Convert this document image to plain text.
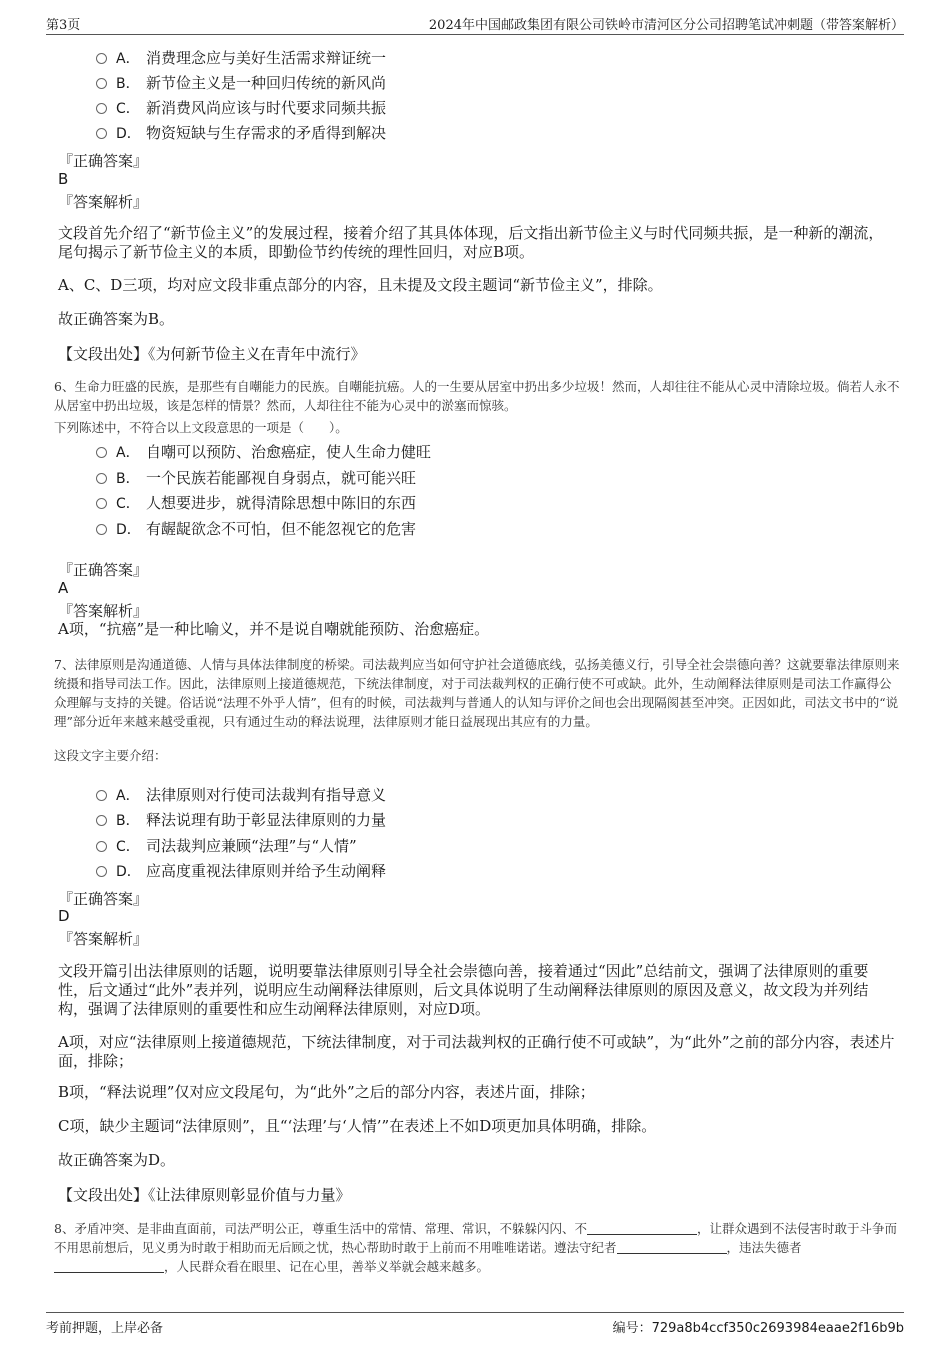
第3页	2024年中国邮政集团有限公司铁岭市清河区分公司招聘笔试冲刺题（带答案解析）
A． 消费理念应与美好生活需求辩证统一
B． 新节俭主义是一种回归传统的新风尚
C． 新消费风尚应该与时代要求同频共振
D． 物资短缺与生存需求的矛盾得到解决
『正确答案』
B
『答案解析』
文段首先介绍了“新节俭主义”的发展过程，接着介绍了其具体体现，后文指出新节俭主义与时代同频共振，是一种新的潮流，尾句揭示了新节俭主义的本质，即勤俭节约传统的理性回归，对应B项。
A、C、D三项，均对应文段非重点部分的内容，且未提及文段主题词“新节俭主义”，排除。
故正确答案为B。
【文段出处】《为何新节俭主义在青年中流行》
6、生命力旺盛的民族，是那些有自嘲能力的民族。自嘲能抗癌。人的一生要从居室中扔出多少垃圾！然而，人却往往不能从心灵中清除垃圾。倘若人永不从居室中扔出垃圾，该是怎样的情景？然而，人却往往不能为心灵中的淤塞而惊骇。
下列陈述中，不符合以上文段意思的一项是（　　）。
A． 自嘲可以预防、治愈癌症，使人生命力健旺
B． 一个民族若能鄙视自身弱点，就可能兴旺
C． 人想要进步，就得清除思想中陈旧的东西
D． 有龌龊欲念不可怕，但不能忽视它的危害
『正确答案』
A
『答案解析』
A项，“抗癌”是一种比喻义，并不是说自嘲就能预防、治愈癌症。
7、法律原则是沟通道德、人情与具体法律制度的桥梁。司法裁判应当如何守护社会道德底线，弘扬美德义行，引导全社会崇德向善？这就要靠法律原则来统摄和指导司法工作。因此，法律原则上接道德规范，下统法律制度，对于司法裁判权的正确行使不可或缺。此外，生动阐释法律原则是司法工作赢得公众理解与支持的关键。俗话说“法理不外乎人情”，但有的时候，司法裁判与普通人的认知与评价之间也会出现隔阂甚至冲突。正因如此，司法文书中的“说理”部分近年来越来越受重视，只有通过生动的释法说理，法律原则才能日益展现出其应有的力量。
这段文字主要介绍：
A． 法律原则对行使司法裁判有指导意义
B． 释法说理有助于彰显法律原则的力量
C． 司法裁判应兼顾“法理”与“人情”
D． 应高度重视法律原则并给予生动阐释
『正确答案』
D
『答案解析』
文段开篇引出法律原则的话题，说明要靠法律原则引导全社会崇德向善，接着通过“因此”总结前文，强调了法律原则的重要性，后文通过“此外”表并列，说明应生动阐释法律原则，后文具体说明了生动阐释法律原则的原因及意义，故文段为并列结构，强调了法律原则的重要性和应生动阐释法律原则，对应D项。
A项，对应“法律原则上接道德规范，下统法律制度，对于司法裁判权的正确行使不可或缺”，为“此外”之前的部分内容，表述片面，排除；
B项，“释法说理”仅对应文段尾句，为“此外”之后的部分内容，表述片面，排除；
C项，缺少主题词“法律原则”，且“‘法理’与‘人情’”在表述上不如D项更加具体明确，排除。
故正确答案为D。
【文段出处】《让法律原则彰显价值与力量》
8、矛盾冲突、是非曲直面前，司法严明公正，尊重生活中的常情、常理、常识，不躲躲闪闪、不	，让群众遇到不法侵害时敢于斗争而不用思前想后，见义勇为时敢于相助而无后顾之忧，热心帮助时敢于上前而不用唯唯诺诺。遵法守纪者	，违法失德者，人民群众看在眼里、记在心里，善举义举就会越来越多。
考前押题，上岸必备	编号：729a8b4ccf350c2693984eaae2f16b9b
